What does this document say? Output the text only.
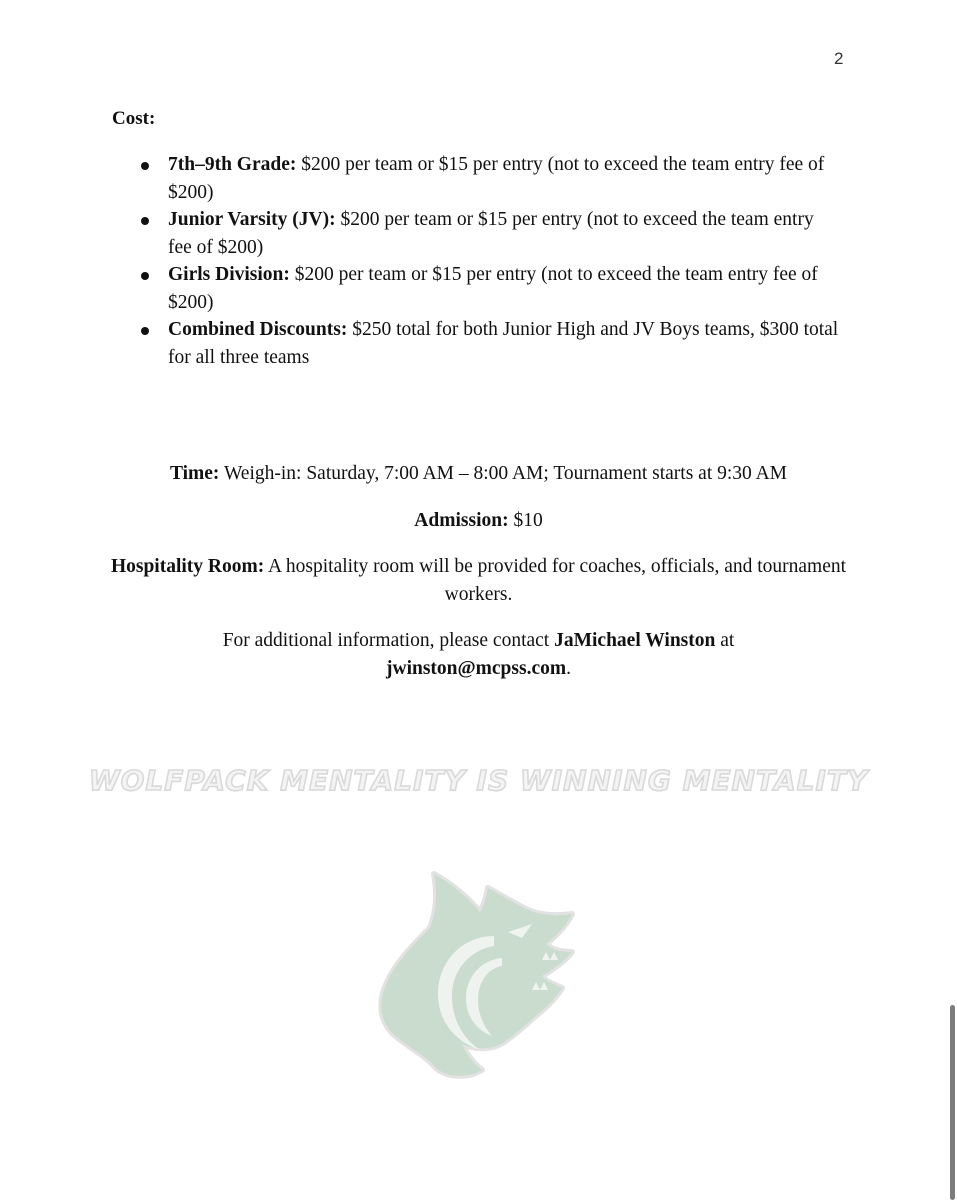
2
Cost:
7th–9th Grade: $200 per team or $15 per entry (not to exceed the team entry fee of $200)
Junior Varsity (JV): $200 per team or $15 per entry (not to exceed the team entry fee of $200)
Girls Division: $200 per team or $15 per entry (not to exceed the team entry fee of $200)
Combined Discounts: $250 total for both Junior High and JV Boys teams, $300 total for all three teams
Time: Weigh-in: Saturday, 7:00 AM – 8:00 AM; Tournament starts at 9:30 AM
Admission: $10
Hospitality Room: A hospitality room will be provided for coaches, officials, and tournament workers.
For additional information, please contact JaMichael Winston at
jwinston@mcpss.com.
WOLFPACK MENTALITY IS WINNING MENTALITY
